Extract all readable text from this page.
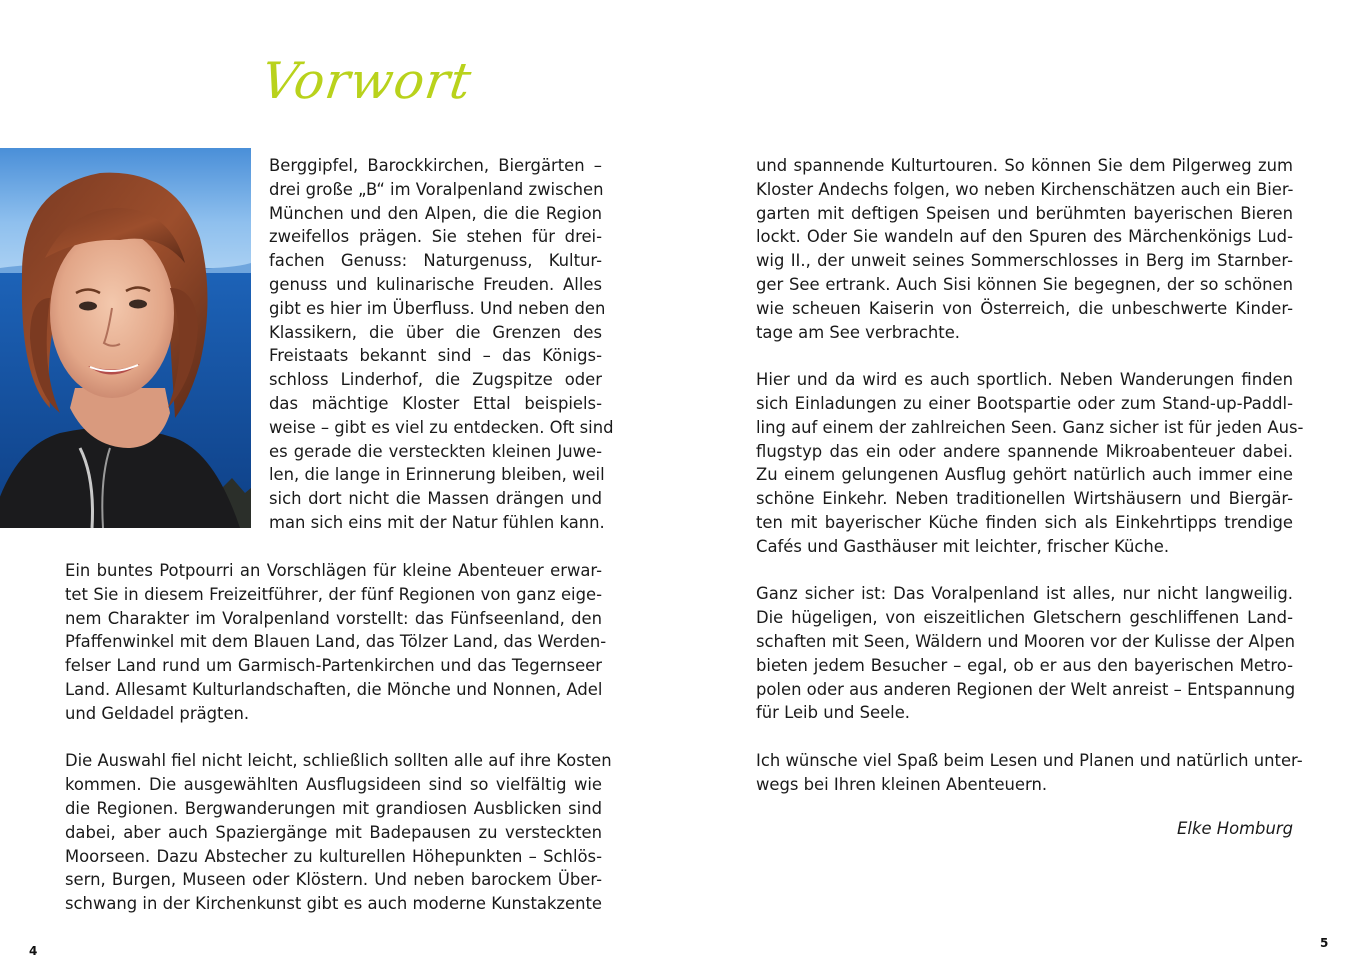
Vorwort
Berggipfel, Barockkirchen, Biergärten –
drei große „B“ im Voralpenland zwischen
München und den Alpen, die die Region
zweifellos prägen. Sie stehen für drei-
fachen Genuss: Naturgenuss, Kultur-
genuss und kulinarische Freuden. Alles
gibt es hier im Überfluss. Und neben den
Klassikern, die über die Grenzen des
Freistaats bekannt sind – das Königs-
schloss Linderhof, die Zugspitze oder
das mächtige Kloster Ettal beispiels-
weise – gibt es viel zu entdecken. Oft sind
es gerade die versteckten kleinen Juwe-
len, die lange in Erinnerung bleiben, weil
sich dort nicht die Massen drängen und
man sich eins mit der Natur fühlen kann.

Ein buntes Potpourri an Vorschlägen für kleine Abenteuer erwar-
tet Sie in diesem Freizeitführer, der fünf Regionen von ganz eige-
nem Charakter im Voralpenland vorstellt: das Fünfseenland, den
Pfaffenwinkel mit dem Blauen Land, das Tölzer Land, das Werden-
felser Land rund um Garmisch-Partenkirchen und das Tegernseer
Land. Allesamt Kulturlandschaften, die Mönche und Nonnen, Adel
und Geldadel prägten.

Die Auswahl fiel nicht leicht, schließlich sollten alle auf ihre Kosten
kommen. Die ausgewählten Ausflugsideen sind so vielfältig wie
die Regionen. Bergwanderungen mit grandiosen Ausblicken sind
dabei, aber auch Spaziergänge mit Badepausen zu versteckten
Moorseen. Dazu Abstecher zu kulturellen Höhepunkten – Schlös-
sern, Burgen, Museen oder Klöstern. Und neben barockem Über-
schwang in der Kirchenkunst gibt es auch moderne Kunstakzente

und spannende Kulturtouren. So können Sie dem Pilgerweg zum
Kloster Andechs folgen, wo neben Kirchenschätzen auch ein Bier-
garten mit deftigen Speisen und berühmten bayerischen Bieren
lockt. Oder Sie wandeln auf den Spuren des Märchenkönigs Lud-
wig II., der unweit seines Sommerschlosses in Berg im Starnber-
ger See ertrank. Auch Sisi können Sie begegnen, der so schönen
wie scheuen Kaiserin von Österreich, die unbeschwerte Kinder-
tage am See verbrachte.

Hier und da wird es auch sportlich. Neben Wanderungen finden
sich Einladungen zu einer Bootspartie oder zum Stand-up-Paddl-
ling auf einem der zahlreichen Seen. Ganz sicher ist für jeden Aus-
flugstyp das ein oder andere spannende Mikroabenteuer dabei.
Zu einem gelungenen Ausflug gehört natürlich auch immer eine
schöne Einkehr. Neben traditionellen Wirtshäusern und Biergär-
ten mit bayerischer Küche finden sich als Einkehrtipps trendige
Cafés und Gasthäuser mit leichter, frischer Küche.

Ganz sicher ist: Das Voralpenland ist alles, nur nicht langweilig.
Die hügeligen, von eiszeitlichen Gletschern geschliffenen Land-
schaften mit Seen, Wäldern und Mooren vor der Kulisse der Alpen
bieten jedem Besucher – egal, ob er aus den bayerischen Metro-
polen oder aus anderen Regionen der Welt anreist – Entspannung
für Leib und Seele.

Ich wünsche viel Spaß beim Lesen und Planen und natürlich unter-
wegs bei Ihren kleinen Abenteuern.

Elke Homburg
4
5
